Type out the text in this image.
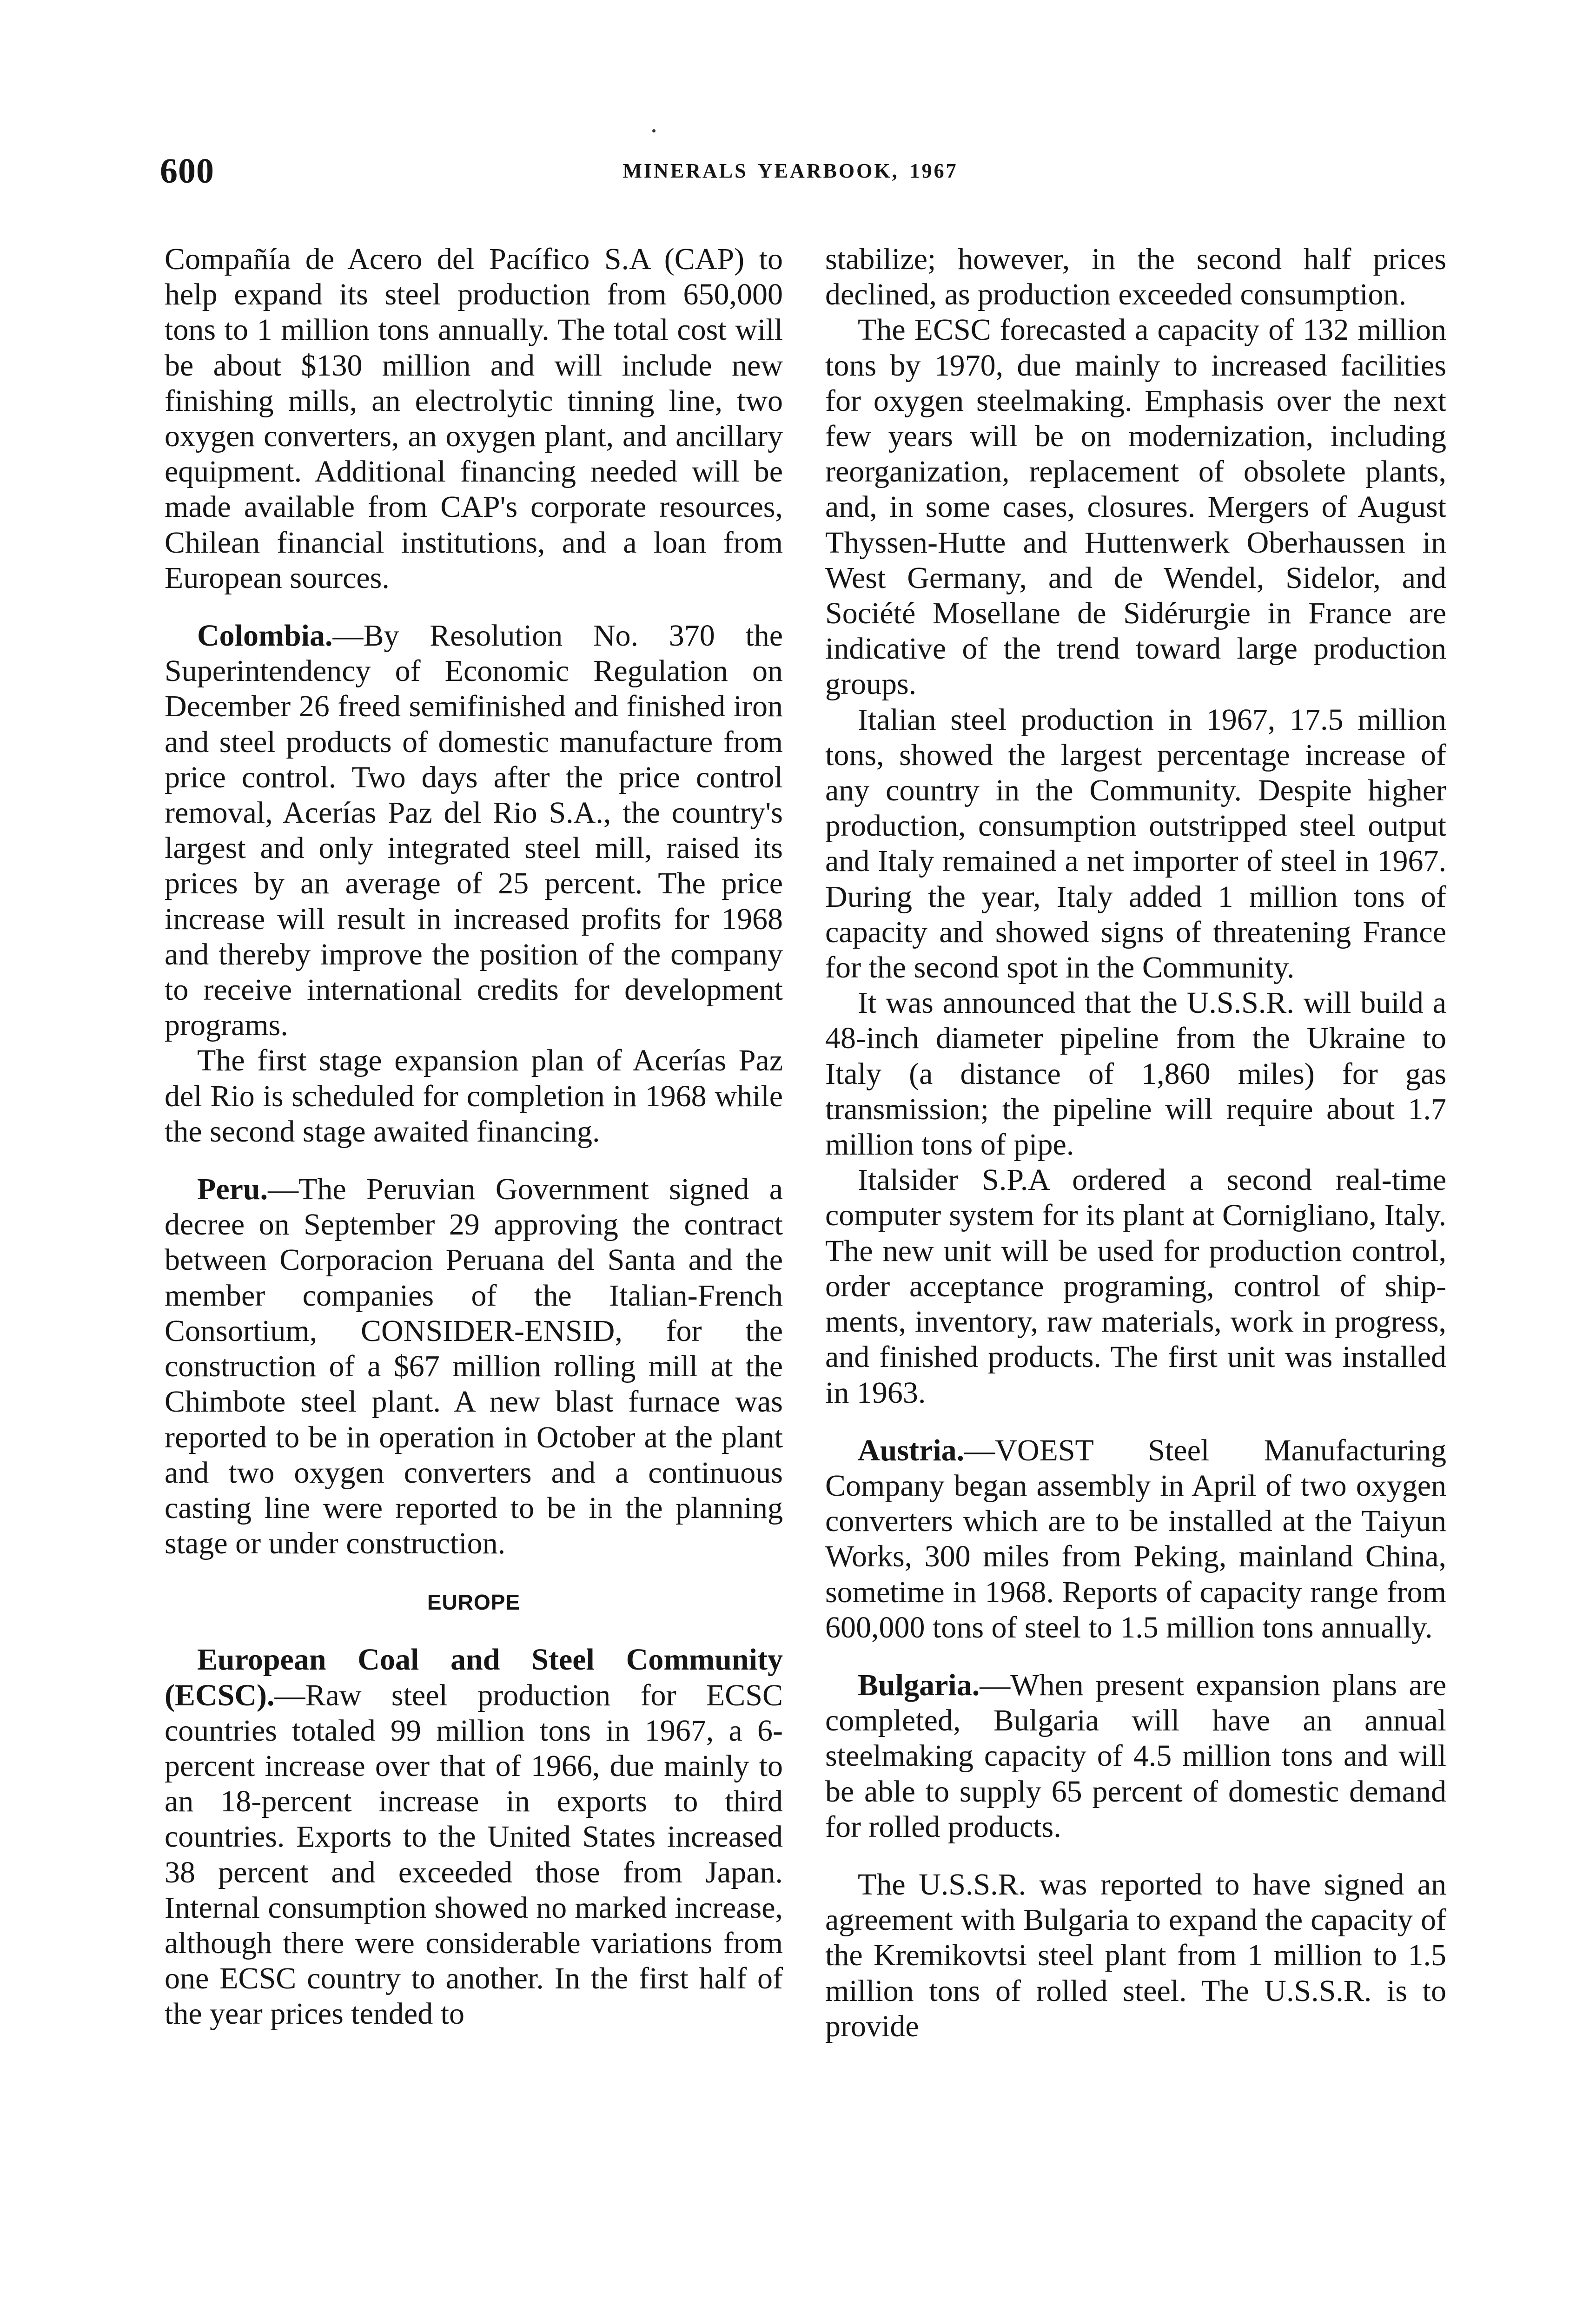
600	MINERALS YEARBOOK, 1967

Compañía de Acero del Pacífico S.A (CAP) to help expand its steel production from 650,000 tons to 1 million tons annually. The total cost will be about $130 million and will include new finishing mills, an electrolytic tinning line, two oxygen converters, an oxygen plant, and ancillary equipment. Additional financing needed will be made available from CAP's corporate resources, Chilean financial institutions, and a loan from European sources.

Colombia.—By Resolution No. 370 the Superintendency of Economic Regulation on December 26 freed semifinished and finished iron and steel products of domestic manufacture from price control. Two days after the price control removal, Acerías Paz del Rio S.A., the country's largest and only integrated steel mill, raised its prices by an average of 25 percent. The price increase will result in increased profits for 1968 and thereby improve the position of the company to receive international credits for development programs.

The first stage expansion plan of Acerías Paz del Rio is scheduled for completion in 1968 while the second stage awaited financing.

Peru.—The Peruvian Government signed a decree on September 29 approving the contract between Corporacion Peruana del Santa and the member companies of the Italian-French Consortium, CONSIDER-ENSID, for the construction of a $67 million rolling mill at the Chimbote steel plant. A new blast furnace was reported to be in operation in October at the plant and two oxygen converters and a continuous casting line were reported to be in the planning stage or under construction.

EUROPE

European Coal and Steel Community (ECSC).—Raw steel production for ECSC countries totaled 99 million tons in 1967, a 6-percent increase over that of 1966, due mainly to an 18-percent increase in exports to third countries. Exports to the United States increased 38 percent and exceeded those from Japan. Internal consumption showed no marked increase, although there were considerable variations from one ECSC country to another. In the first half of the year prices tended to

stabilize; however, in the second half prices declined, as production exceeded consumption.

The ECSC forecasted a capacity of 132 million tons by 1970, due mainly to increased facilities for oxygen steelmaking. Emphasis over the next few years will be on modernization, including reorganization, replacement of obsolete plants, and, in some cases, closures. Mergers of August Thyssen-Hutte and Huttenwerk Oberhaussen in West Germany, and de Wendel, Sidelor, and Société Mosellane de Sidérurgie in France are indicative of the trend toward large production groups.

Italian steel production in 1967, 17.5 million tons, showed the largest percentage increase of any country in the Community. Despite higher production, consumption outstripped steel output and Italy remained a net importer of steel in 1967. During the year, Italy added 1 million tons of capacity and showed signs of threatening France for the second spot in the Community.

It was announced that the U.S.S.R. will build a 48-inch diameter pipeline from the Ukraine to Italy (a distance of 1,860 miles) for gas transmission; the pipeline will require about 1.7 million tons of pipe.

Italsider S.P.A ordered a second real-time computer system for its plant at Cornigliano, Italy. The new unit will be used for production control, order acceptance programing, control of shipments, inventory, raw materials, work in progress, and finished products. The first unit was installed in 1963.

Austria.—VOEST Steel Manufacturing Company began assembly in April of two oxygen converters which are to be installed at the Taiyun Works, 300 miles from Peking, mainland China, sometime in 1968. Reports of capacity range from 600,000 tons of steel to 1.5 million tons annually.

Bulgaria.—When present expansion plans are completed, Bulgaria will have an annual steelmaking capacity of 4.5 million tons and will be able to supply 65 percent of domestic demand for rolled products.

The U.S.S.R. was reported to have signed an agreement with Bulgaria to expand the capacity of the Kremikovtsi steel plant from 1 million to 1.5 million tons of rolled steel. The U.S.S.R. is to provide
